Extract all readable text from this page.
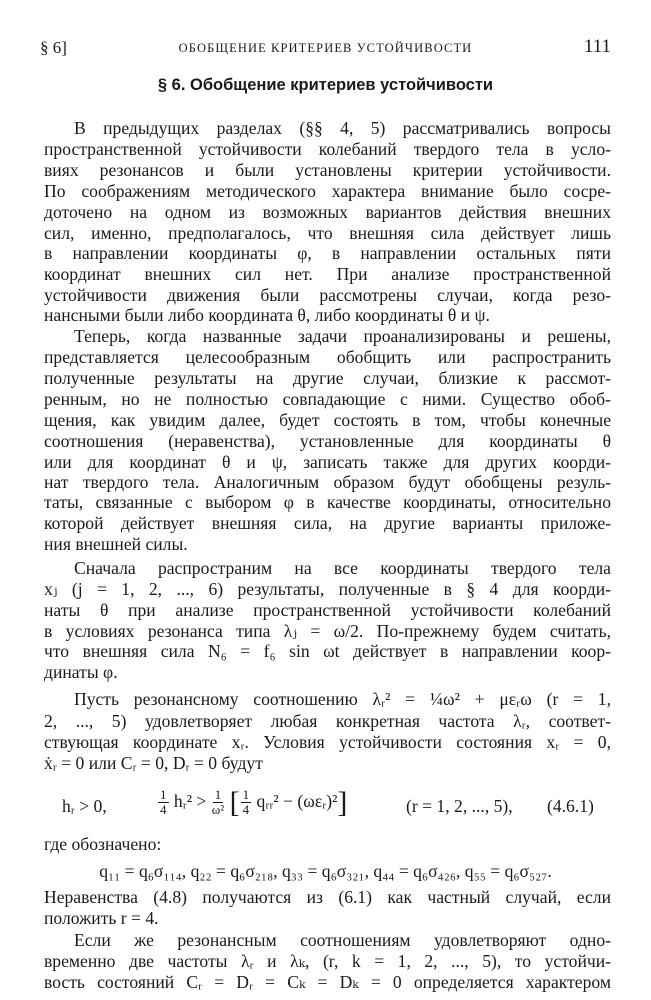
§ 6]	ОБОБЩЕНИЕ КРИТЕРИЕВ УСТОЙЧИВОСТИ	111
§ 6. Обобщение критериев устойчивости
В предыдущих разделах (§§ 4, 5) рассматривались вопросы
пространственной устойчивости колебаний твердого тела в усло-
виях резонансов и были установлены критерии устойчивости.
По соображениям методического характера внимание было сосре-
доточено на одном из возможных вариантов действия внешних
сил, именно, предполагалось, что внешняя сила действует лишь
в направлении координаты φ, в направлении остальных пяти
координат внешних сил нет. При анализе пространственной
устойчивости движения были рассмотрены случаи, когда резо-
нансными были либо координата θ, либо координаты θ и ψ.
Теперь, когда названные задачи проанализированы и решены,
представляется целесообразным обобщить или распространить
полученные результаты на другие случаи, близкие к рассмот-
ренным, но не полностью совпадающие с ними. Существо обоб-
щения, как увидим далее, будет состоять в том, чтобы конечные
соотношения (неравенства), установленные для координаты θ
или для координат θ и ψ, записать также для других коорди-
нат твердого тела. Аналогичным образом будут обобщены резуль-
таты, связанные с выбором φ в качестве координаты, относительно
которой действует внешняя сила, на другие варианты приложе-
ния внешней силы.
Сначала распространим на все координаты твердого тела
xⱼ (j = 1, 2, ..., 6) результаты, полученные в § 4 для коорди-
наты θ при анализе пространственной устойчивости колебаний
в условиях резонанса типа λⱼ = ω/2. По-прежнему будем считать,
что внешняя сила N₆ = f₆ sin ωt действует в направлении коор-
динаты φ.
Пусть резонансному соотношению λᵣ² = ¼ω² + μεᵣω (r = 1,
2, ..., 5) удовлетворяет любая конкретная частота λᵣ, соответ-
ствующая координате xᵣ. Условия устойчивости состояния xᵣ = 0,
ẋᵣ = 0 или Cᵣ = 0, Dᵣ = 0 будут
hᵣ > 0,	$\frac{1}{4}$ hᵣ² > $\frac{1}{\text{ω²}}$ [ $\frac{1}{4}$ qᵣᵣ² − (ωεᵣ)²]	(r = 1, 2, ..., 5), (4.6.1)
где обозначено:
q₁₁ = q₆σ₁₁₄, q₂₂ = q₆σ₂₁₈, q₃₃ = q₆σ₃₂₁, q₄₄ = q₆σ₄₂₆, q₅₅ = q₆σ₅₂₇.
Неравенства (4.8) получаются из (6.1) как частный случай, если
положить r = 4.
Если же резонансным соотношениям удовлетворяют одно-
временно две частоты λᵣ и λₖ, (r, k = 1, 2, ..., 5), то устойчи-
вость состояний Cᵣ = Dᵣ = Cₖ = Dₖ = 0 определяется характером
